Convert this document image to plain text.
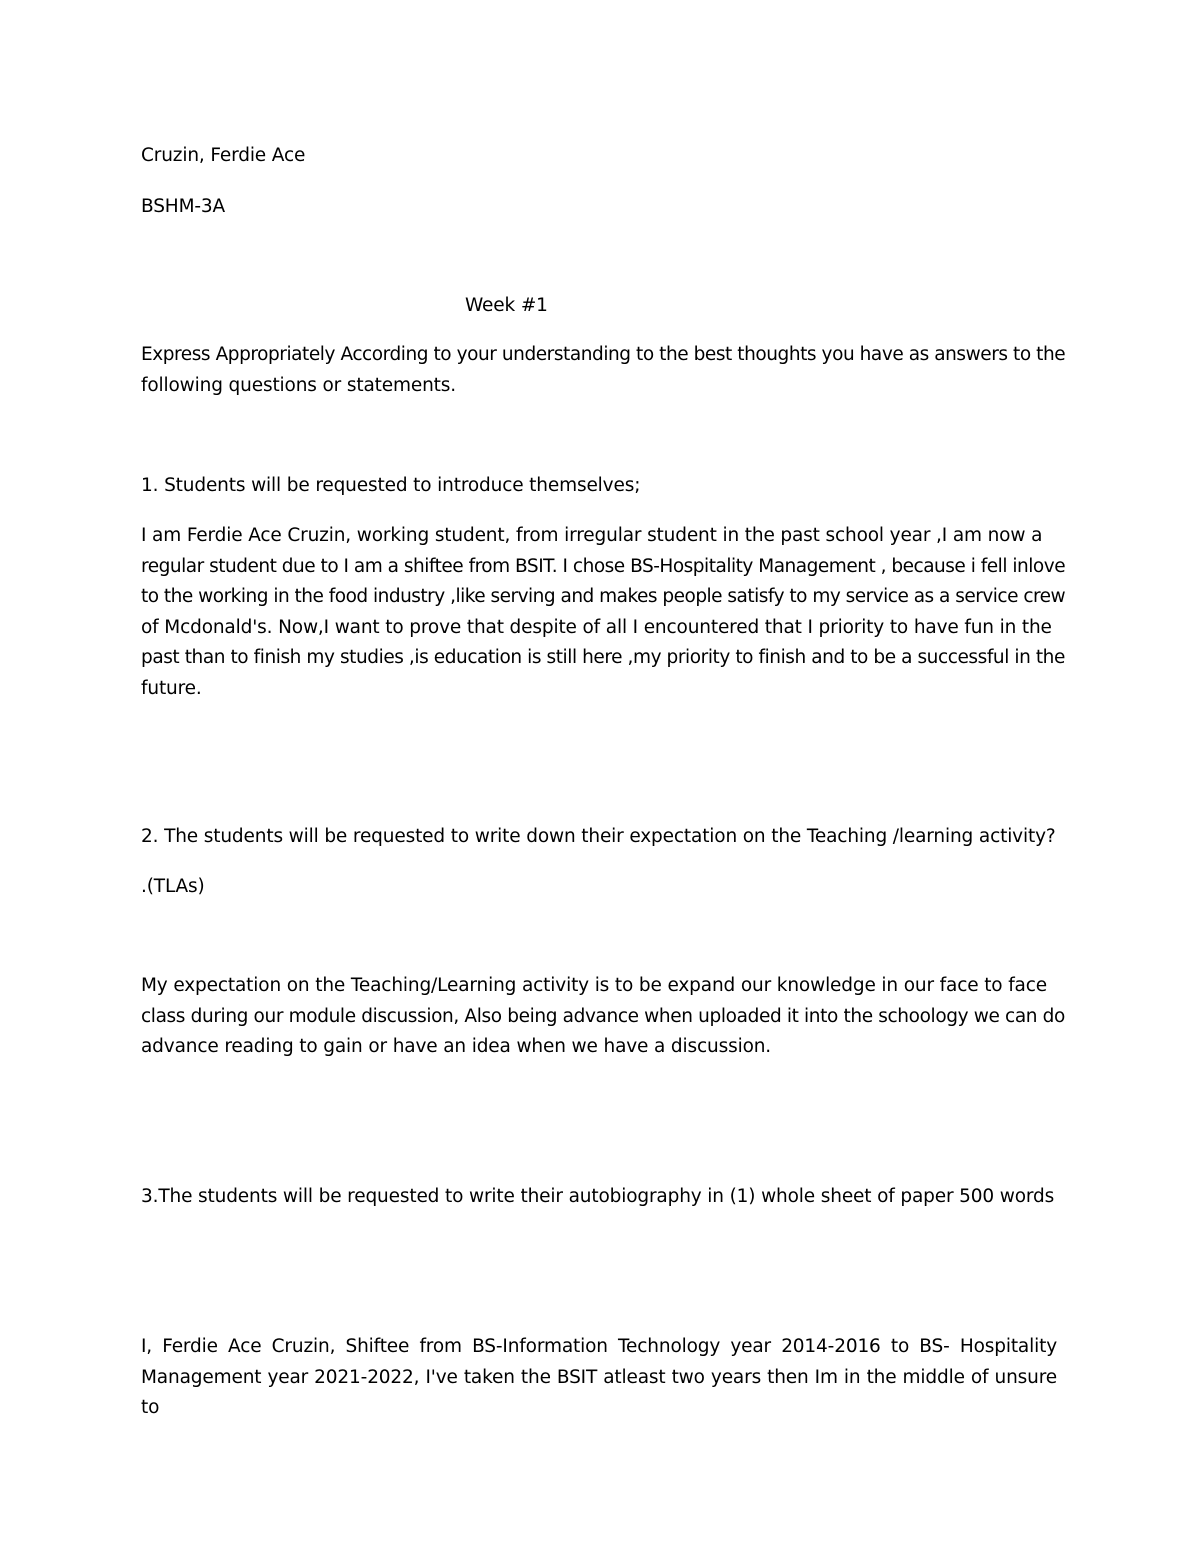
Cruzin, Ferdie Ace
BSHM-3A
Week #1
Express Appropriately According to your understanding to the best thoughts you have as answers to the
following questions or statements.
1. Students will be requested to introduce themselves;
I am Ferdie Ace Cruzin, working student, from irregular student in the past school year ,I am now a
regular student due to I am a shiftee from BSIT. I chose BS-Hospitality Management , because i fell inlove
to the working in the food industry ,like serving and makes people satisfy to my service as a service crew
of Mcdonald's. Now,I want to prove that despite of all I encountered that I priority to have fun in the
past than to finish my studies ,is education is still here ,my priority to finish and to be a successful in the
future.
2. The students will be requested to write down their expectation on the Teaching /learning activity?
.(TLAs)
My expectation on the Teaching/Learning activity is to be expand our knowledge in our face to face
class during our module discussion, Also being advance when uploaded it into the schoology we can do
advance reading to gain or have an idea when we have a discussion.
3.The students will be requested to write their autobiography in (1) whole sheet of paper 500 words
I, Ferdie Ace Cruzin, Shiftee from BS-Information Technology year 2014-2016 to BS- Hospitality
Management year 2021-2022, I've taken the BSIT atleast two years then Im in the middle of unsure to
